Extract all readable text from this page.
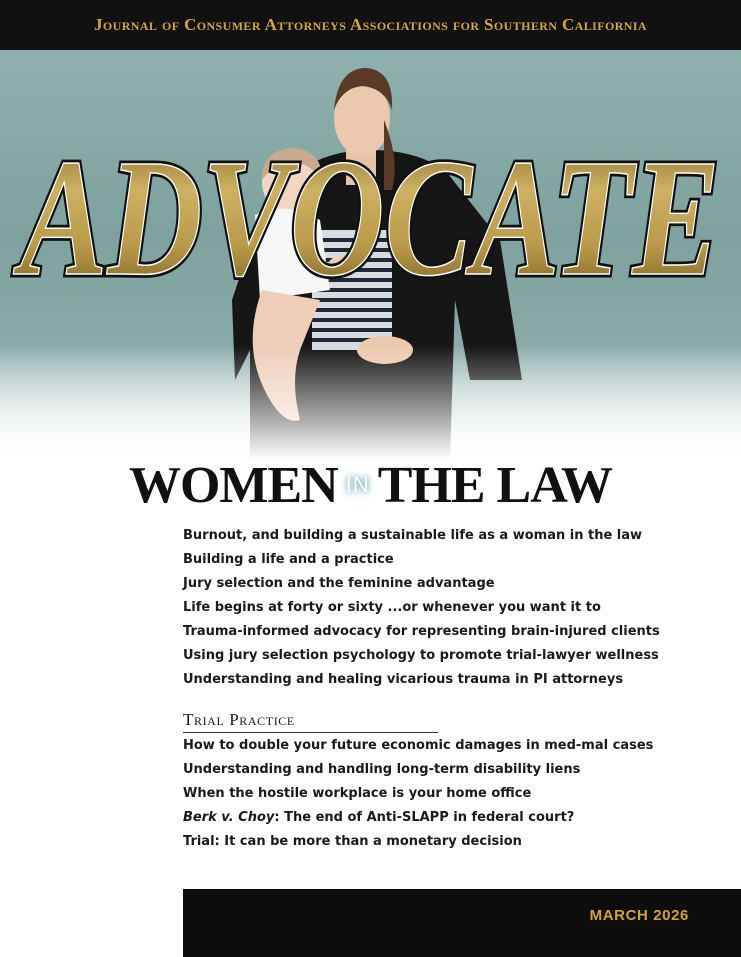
Journal of Consumer Attorneys Associations for Southern California
ADVOCATE
ADVOCATE
WOMEN IN THE LAW
Burnout, and building a sustainable life as a woman in the law
Building a life and a practice
Jury selection and the feminine advantage
Life begins at forty or sixty ...or whenever you want it to
Trauma-informed advocacy for representing brain-injured clients
Using jury selection psychology to promote trial-lawyer wellness
Understanding and healing vicarious trauma in PI attorneys
Trial Practice
How to double your future economic damages in med-mal cases
Understanding and handling long-term disability liens
When the hostile workplace is your home office
Berk v. Choy: The end of Anti-SLAPP in federal court?
Trial: It can be more than a monetary decision
MARCH 2026
